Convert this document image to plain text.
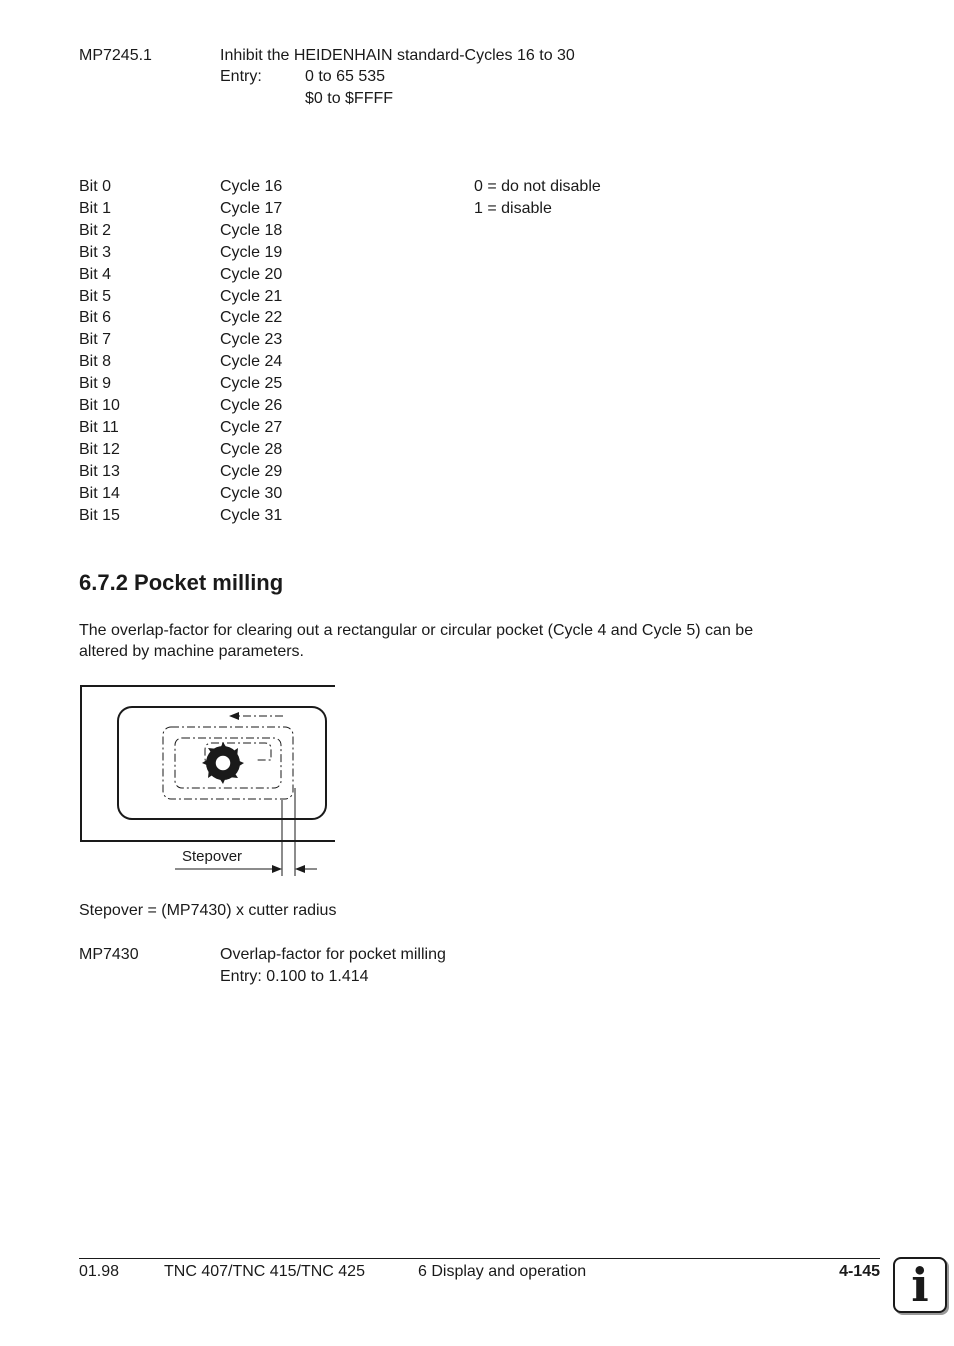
MP7245.1	Inhibit the HEIDENHAIN standard-Cycles 16 to 30
Entry:	0 to 65 535
$0 to $FFFF
Bit 0	Cycle 16	0 = do not disable
Bit 1	Cycle 17	1 = disable
Bit 2	Cycle 18
Bit 3	Cycle 19
Bit 4	Cycle 20
Bit 5	Cycle 21
Bit 6	Cycle 22
Bit 7	Cycle 23
Bit 8	Cycle 24
Bit 9	Cycle 25
Bit 10	Cycle 26
Bit 11	Cycle 27
Bit 12	Cycle 28
Bit 13	Cycle 29
Bit 14	Cycle 30
Bit 15	Cycle 31
6.7.2 Pocket milling
The overlap-factor for clearing out a rectangular or circular pocket (Cycle 4 and Cycle 5) can be
altered by machine parameters.
Stepover
Stepover = (MP7430) x cutter radius
MP7430	Overlap-factor for pocket milling
Entry: 0.100 to 1.414
01.98	TNC 407/TNC 415/TNC 425	6 Display and operation	4-145 i
